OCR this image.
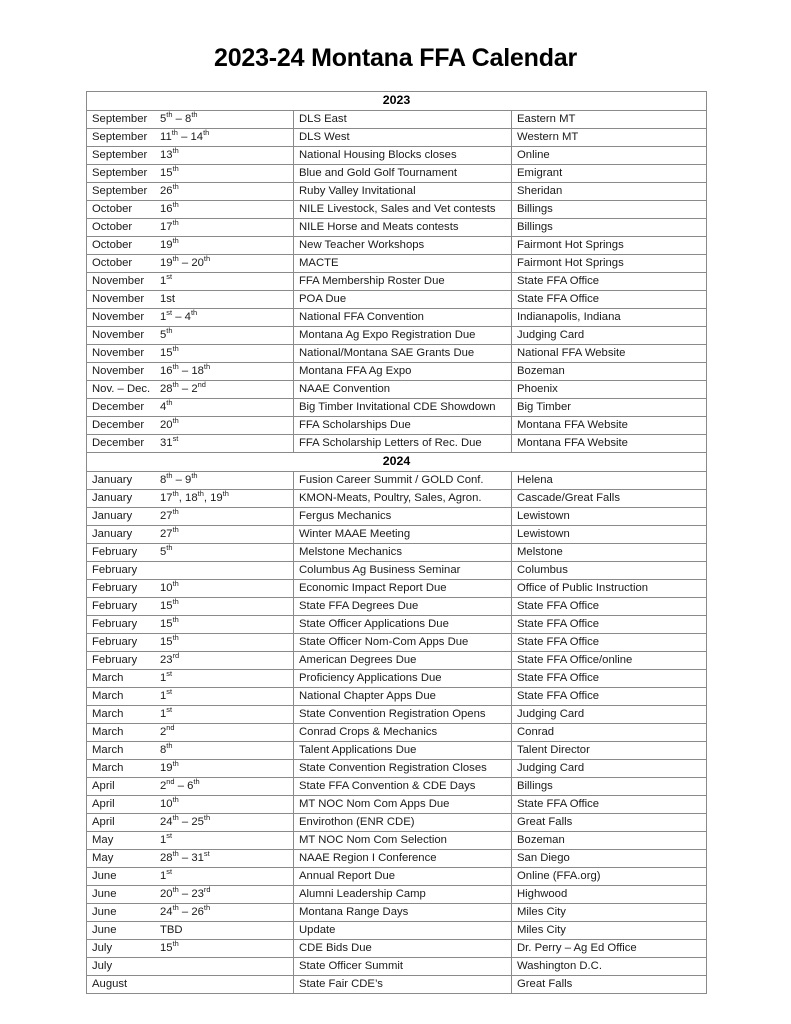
2023-24 Montana FFA Calendar
2023		
September 5th – 8th	DLS East	Eastern MT
September 11th – 14th	DLS West	Western MT
September 13th	National Housing Blocks closes	Online
September 15th	Blue and Gold Golf Tournament	Emigrant
September 26th	Ruby Valley Invitational	Sheridan
October 16th	NILE Livestock, Sales and Vet contests	Billings
October 17th	NILE Horse and Meats contests	Billings
October 19th	New Teacher Workshops	Fairmont Hot Springs
October 19th – 20th	MACTE	Fairmont Hot Springs
November 1st	FFA Membership Roster Due	State FFA Office
November 1st	POA Due	State FFA Office
November 1st – 4th	National FFA Convention	Indianapolis, Indiana
November 5th	Montana Ag Expo Registration Due	Judging Card
November 15th	National/Montana SAE Grants Due	National FFA Website
November 16th – 18th	Montana FFA Ag Expo	Bozeman
Nov. – Dec. 28th – 2nd	NAAE Convention	Phoenix
December 4th	Big Timber Invitational CDE Showdown	Big Timber
December 20th	FFA Scholarships Due	Montana FFA Website
December 31st	FFA Scholarship Letters of Rec. Due	Montana FFA Website
2024		
January 8th – 9th	Fusion Career Summit / GOLD Conf.	Helena
January 17th, 18th, 19th	KMON-Meats, Poultry, Sales, Agron.	Cascade/Great Falls
January 27th	Fergus Mechanics	Lewistown
January 27th	Winter MAAE Meeting	Lewistown
February 5th	Melstone Mechanics	Melstone
February	Columbus Ag Business Seminar	Columbus
February 10th	Economic Impact Report Due	Office of Public Instruction
February 15th	State FFA Degrees Due	State FFA Office
February 15th	State Officer Applications Due	State FFA Office
February 15th	State Officer Nom-Com Apps Due	State FFA Office
February 23rd	American Degrees Due	State FFA Office/online
March 1st	Proficiency Applications Due	State FFA Office
March 1st	National Chapter Apps Due	State FFA Office
March 1st	State Convention Registration Opens	Judging Card
March 2nd	Conrad Crops & Mechanics	Conrad
March 8th	Talent Applications Due	Talent Director
March 19th	State Convention Registration Closes	Judging Card
April 2nd – 6th	State FFA Convention & CDE Days	Billings
April 10th	MT NOC Nom Com Apps Due	State FFA Office
April 24th – 25th	Envirothon (ENR CDE)	Great Falls
May 1st	MT NOC Nom Com Selection	Bozeman
May 28th – 31st	NAAE Region I Conference	San Diego
June 1st	Annual Report Due	Online (FFA.org)
June 20th – 23rd	Alumni Leadership Camp	Highwood
June 24th – 26th	Montana Range Days	Miles City
June TBD	Update	Miles City
July 15th	CDE Bids Due	Dr. Perry – Ag Ed Office
July	State Officer Summit	Washington D.C.
August	State Fair CDE’s	Great Falls
